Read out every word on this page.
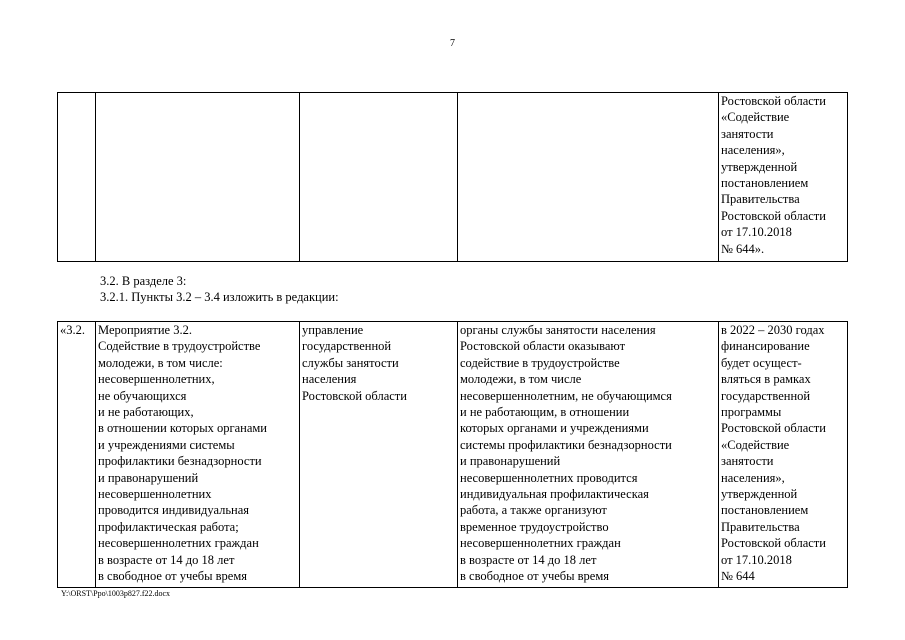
7
				Ростовской области
«Содействие
занятости
населения»,
утвержденной
постановлением
Правительства
Ростовской области
от 17.10.2018
№ 644».
3.2. В разделе 3:
3.2.1. Пункты 3.2 – 3.4 изложить в редакции:
«3.2.	Мероприятие 3.2.
Содействие в трудоустройстве
молодежи, в том числе:
несовершеннолетних,
не обучающихся
и не работающих,
в отношении которых органами
и учреждениями системы
профилактики безнадзорности
и правонарушений
несовершеннолетних
проводится индивидуальная
профилактическая работа;
несовершеннолетних граждан
в возрасте от 14 до 18 лет
в свободное от учебы время	управление
государственной
службы занятости
населения
Ростовской области	органы службы занятости населения
Ростовской области оказывают
содействие в трудоустройстве
молодежи, в том числе
несовершеннолетним, не обучающимся
и не работающим, в отношении
которых органами и учреждениями
системы профилактики безнадзорности
и правонарушений
несовершеннолетних проводится
индивидуальная профилактическая
работа, а также организуют
временное трудоустройство
несовершеннолетних граждан
в возрасте от 14 до 18 лет
в свободное от учебы время	в 2022 – 2030 годах
финансирование
будет осущест-
вляться в рамках
государственной
программы
Ростовской области
«Содействие
занятости
населения»,
утвержденной
постановлением
Правительства
Ростовской области
от 17.10.2018
№ 644
Y:\ORST\Ppo\1003p827.f22.docx
